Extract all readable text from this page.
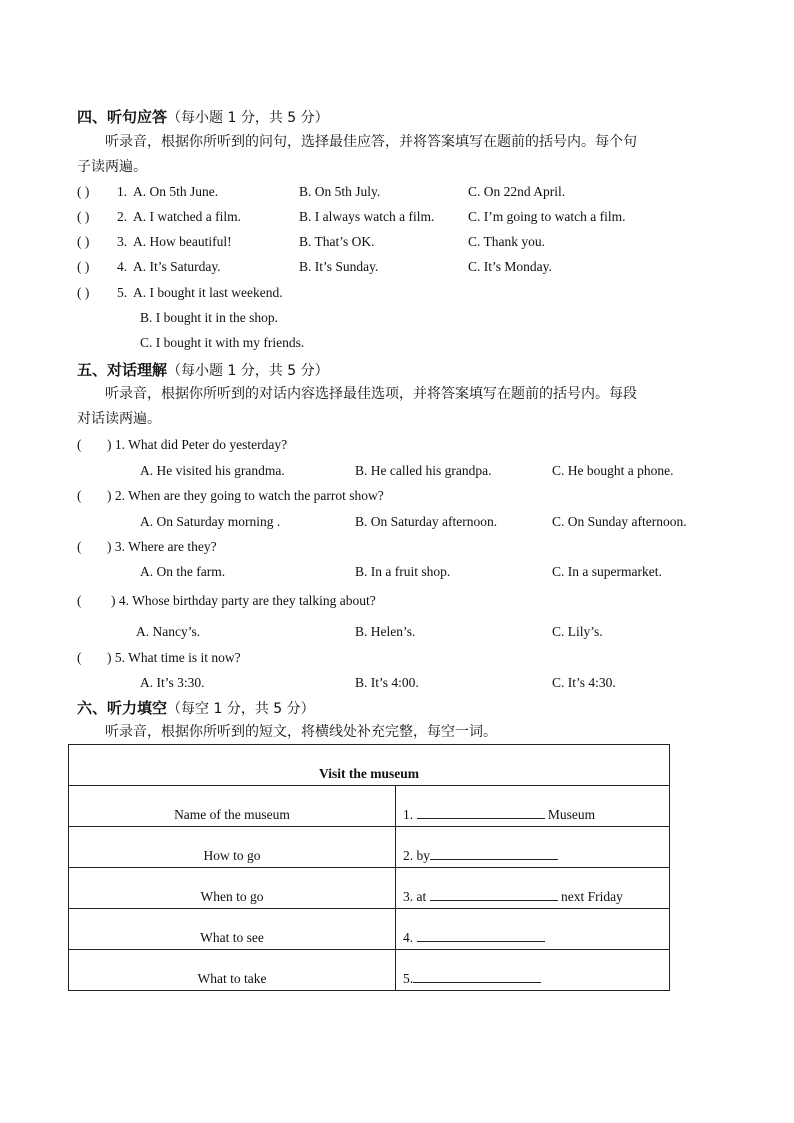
四、听句应答（每小题 1 分，共 5 分）
听录音，根据你所听到的问句，选择最佳应答，并将答案填写在题前的括号内。每个句
子读两遍。
( ) 1. A. On 5th June.	B. On 5th July.	C. On 22nd April.
( ) 2. A. I watched a film.	B. I always watch a film. C. I’m going to watch a film.
( ) 3. A. How beautiful!	B. That’s OK.	C. Thank you.
( ) 4. A. It’s Saturday.	B. It’s Sunday.	C. It’s Monday.
( ) 5. A. I bought it last weekend.
B. I bought it in the shop.
C. I bought it with my friends.
五、对话理解（每小题 1 分，共 5 分）
听录音，根据你所听到的对话内容选择最佳选项，并将答案填写在题前的括号内。每段
对话读两遍。
( ) 1. What did Peter do yesterday?
A. He visited his grandma.	B. He called his grandpa.	C. He bought a phone.
( ) 2. When are they going to watch the parrot show?
A. On Saturday morning .	B. On Saturday afternoon.	C. On Sunday afternoon.
( ) 3. Where are they?
A. On the farm.	B. In a fruit shop.	C. In a supermarket.
( ) 4. Whose birthday party are they talking about?
A. Nancy’s.	B. Helen’s.	C. Lily’s.
( ) 5. What time is it now?
A. It’s 3:30.	B. It’s 4:00.	C. It’s 4:30.
六、听力填空（每空 1 分，共 5 分）
听录音，根据你所听到的短文，将横线处补充完整，每空一词。
Visit the museum	
Name of the museum	1. Museum
How to go	2. by
When to go	3. at next Friday
What to see	4.
What to take	5.
